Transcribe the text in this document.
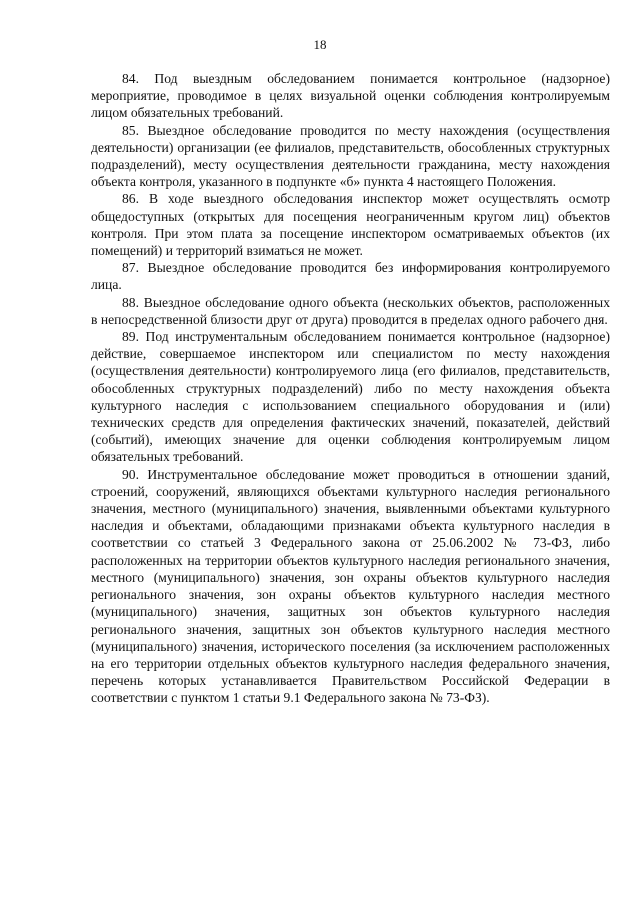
18

84. Под выездным обследованием понимается контрольное (надзорное) мероприятие, проводимое в целях визуальной оценки соблюдения контролируемым лицом обязательных требований.

85. Выездное обследование проводится по месту нахождения (осуществления деятельности) организации (ее филиалов, представительств, обособленных структурных подразделений), месту осуществления деятельности гражданина, месту нахождения объекта контроля, указанного в подпункте «б» пункта 4 настоящего Положения.

86. В ходе выездного обследования инспектор может осуществлять осмотр общедоступных (открытых для посещения неограниченным кругом лиц) объектов контроля. При этом плата за посещение инспектором осматриваемых объектов (их помещений) и территорий взиматься не может.

87. Выездное обследование проводится без информирования контролируемого лица.

88. Выездное обследование одного объекта (нескольких объектов, расположенных в непосредственной близости друг от друга) проводится в пределах одного рабочего дня.

89. Под инструментальным обследованием понимается контрольное (надзорное) действие, совершаемое инспектором или специалистом по месту нахождения (осуществления деятельности) контролируемого лица (его филиалов, представительств, обособленных структурных подразделений) либо по месту нахождения объекта культурного наследия с использованием специального оборудования и (или) технических средств для определения фактических значений, показателей, действий (событий), имеющих значение для оценки соблюдения контролируемым лицом обязательных требований.

90. Инструментальное обследование может проводиться в отношении зданий, строений, сооружений, являющихся объектами культурного наследия регионального значения, местного (муниципального) значения, выявленными объектами культурного наследия и объектами, обладающими признаками объекта культурного наследия в соответствии со статьей 3 Федерального закона от 25.06.2002 № 73-ФЗ, либо расположенных на территории объектов культурного наследия регионального значения, местного (муниципального) значения, зон охраны объектов культурного наследия регионального значения, зон охраны объектов культурного наследия местного (муниципального) значения, защитных зон объектов культурного наследия регионального значения, защитных зон объектов культурного наследия местного (муниципального) значения, исторического поселения (за исключением расположенных на его территории отдельных объектов культурного наследия федерального значения, перечень которых устанавливается Правительством Российской Федерации в соответствии с пунктом 1 статьи 9.1 Федерального закона № 73-ФЗ).
